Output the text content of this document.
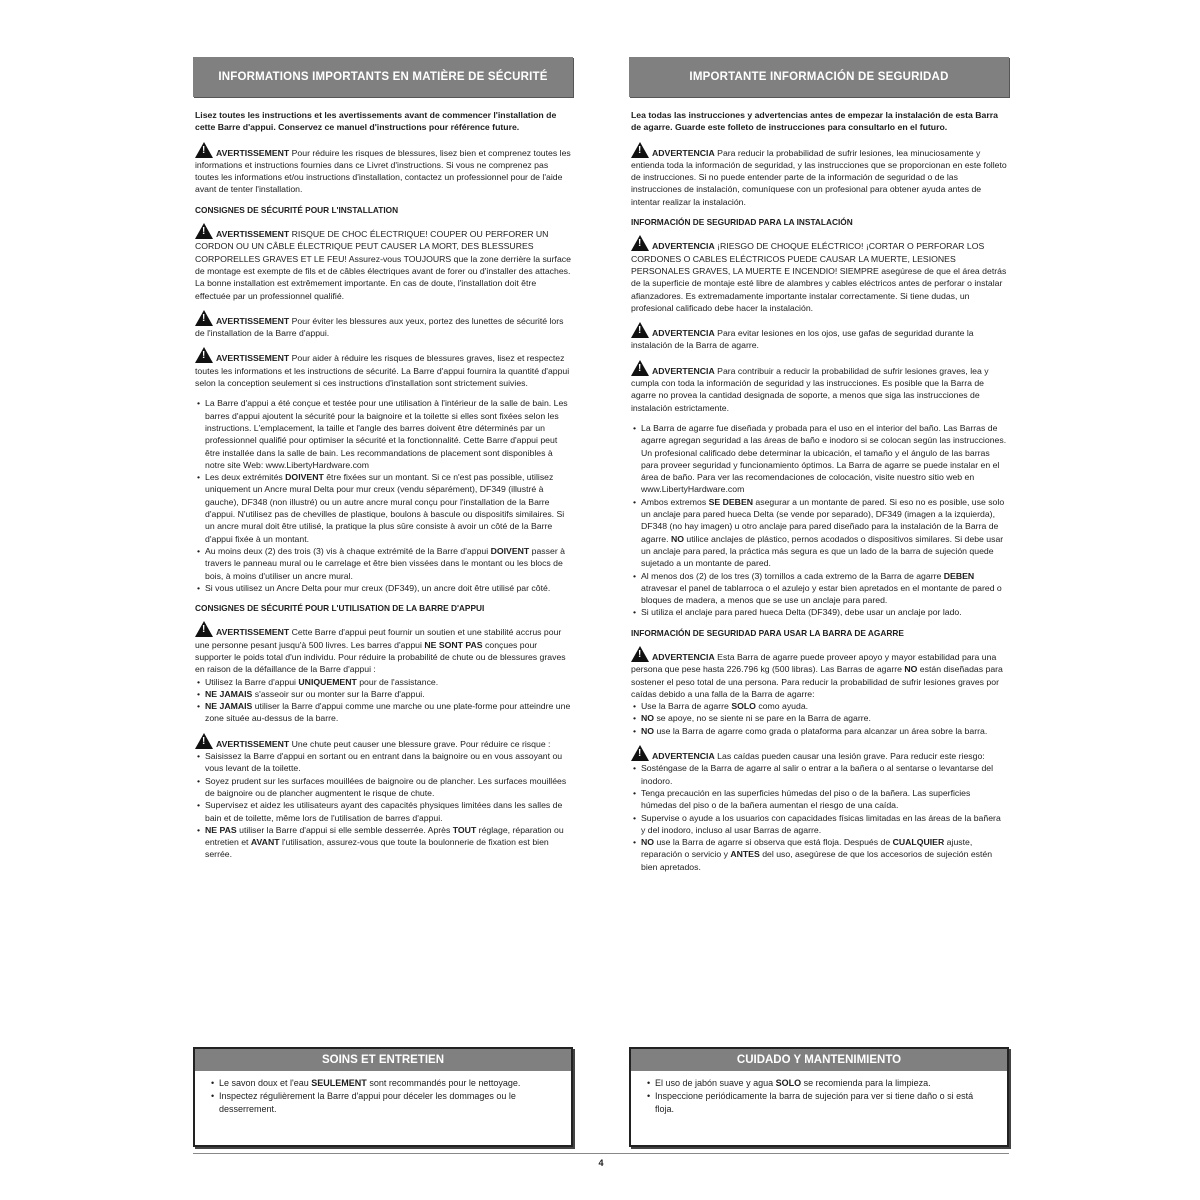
INFORMATIONS IMPORTANTS EN MATIÈRE DE SÉCURITÉ
Lisez toutes les instructions et les avertissements avant de commencer l'installation de cette Barre d'appui. Conservez ce manuel d'instructions pour référence future.
!AVERTISSEMENT Pour réduire les risques de blessures, lisez bien et comprenez toutes les informations et instructions fournies dans ce Livret d'instructions. Si vous ne comprenez pas toutes les informations et/ou instructions d'installation, contactez un professionnel pour de l'aide avant de tenter l'installation.
CONSIGNES DE SÉCURITÉ POUR L'INSTALLATION
!AVERTISSEMENT RISQUE DE CHOC ÉLECTRIQUE! COUPER OU PERFORER UN CORDON OU UN CÂBLE ÉLECTRIQUE PEUT CAUSER LA MORT, DES BLESSURES CORPORELLES GRAVES ET LE FEU! Assurez-vous TOUJOURS que la zone derrière la surface de montage est exempte de fils et de câbles électriques avant de forer ou d'installer des attaches. La bonne installation est extrêmement importante. En cas de doute, l'installation doit être effectuée par un professionnel qualifié.
!AVERTISSEMENT Pour éviter les blessures aux yeux, portez des lunettes de sécurité lors de l'installation de la Barre d'appui.
!AVERTISSEMENT Pour aider à réduire les risques de blessures graves, lisez et respectez toutes les informations et les instructions de sécurité. La Barre d'appui fournira la quantité d'appui selon la conception seulement si ces instructions d'installation sont strictement suivies.
• La Barre d'appui a été conçue et testée pour une utilisation à l'intérieur de la salle de bain. Les barres d'appui ajoutent la sécurité pour la baignoire et la toilette si elles sont fixées selon les instructions. L'emplacement, la taille et l'angle des barres doivent être déterminés par un professionnel qualifié pour optimiser la sécurité et la fonctionnalité. Cette Barre d'appui peut être installée dans la salle de bain. Les recommandations de placement sont disponibles à notre site Web: www.LibertyHardware.com
• Les deux extrémités DOIVENT être fixées sur un montant. Si ce n'est pas possible, utilisez uniquement un Ancre mural Delta pour mur creux (vendu séparément), DF349 (illustré à gauche), DF348 (non illustré) ou un autre ancre mural conçu pour l'installation de la Barre d'appui. N'utilisez pas de chevilles de plastique, boulons à bascule ou dispositifs similaires. Si un ancre mural doit être utilisé, la pratique la plus sûre consiste à avoir un côté de la Barre d'appui fixée à un montant.
• Au moins deux (2) des trois (3) vis à chaque extrémité de la Barre d'appui DOIVENT passer à travers le panneau mural ou le carrelage et être bien vissées dans le montant ou les blocs de bois, à moins d'utiliser un ancre mural.
• Si vous utilisez un Ancre Delta pour mur creux (DF349), un ancre doit être utilisé par côté.
CONSIGNES DE SÉCURITÉ POUR L'UTILISATION DE LA BARRE D'APPUI
!AVERTISSEMENT Cette Barre d'appui peut fournir un soutien et une stabilité accrus pour une personne pesant jusqu'à 500 livres. Les barres d'appui NE SONT PAS conçues pour supporter le poids total d'un individu. Pour réduire la probabilité de chute ou de blessures graves en raison de la défaillance de la Barre d'appui :
• Utilisez la Barre d'appui UNIQUEMENT pour de l'assistance.
• NE JAMAIS s'asseoir sur ou monter sur la Barre d'appui.
• NE JAMAIS utiliser la Barre d'appui comme une marche ou une plate-forme pour atteindre une zone située au-dessus de la barre.
!AVERTISSEMENT Une chute peut causer une blessure grave. Pour réduire ce risque :
• Saisissez la Barre d'appui en sortant ou en entrant dans la baignoire ou en vous assoyant ou vous levant de la toilette.
• Soyez prudent sur les surfaces mouillées de baignoire ou de plancher. Les surfaces mouillées de baignoire ou de plancher augmentent le risque de chute.
• Supervisez et aidez les utilisateurs ayant des capacités physiques limitées dans les salles de bain et de toilette, même lors de l'utilisation de barres d'appui.
• NE PAS utiliser la Barre d'appui si elle semble desserrée. Après TOUT réglage, réparation ou entretien et AVANT l'utilisation, assurez-vous que toute la boulonnerie de fixation est bien serrée.
IMPORTANTE INFORMACIÓN DE SEGURIDAD
Lea todas las instrucciones y advertencias antes de empezar la instalación de esta Barra de agarre. Guarde este folleto de instrucciones para consultarlo en el futuro.
!ADVERTENCIA Para reducir la probabilidad de sufrir lesiones, lea minuciosamente y entienda toda la información de seguridad, y las instrucciones que se proporcionan en este folleto de instrucciones. Si no puede entender parte de la información de seguridad o de las instrucciones de instalación, comuníquese con un profesional para obtener ayuda antes de intentar realizar la instalación.
INFORMACIÓN DE SEGURIDAD PARA LA INSTALACIÓN
!ADVERTENCIA ¡RIESGO DE CHOQUE ELÉCTRICO! ¡CORTAR O PERFORAR LOS CORDONES O CABLES ELÉCTRICOS PUEDE CAUSAR LA MUERTE, LESIONES PERSONALES GRAVES, LA MUERTE E INCENDIO! SIEMPRE asegúrese de que el área detrás de la superficie de montaje esté libre de alambres y cables eléctricos antes de perforar o instalar afianzadores. Es extremadamente importante instalar correctamente. Si tiene dudas, un profesional calificado debe hacer la instalación.
!ADVERTENCIA Para evitar lesiones en los ojos, use gafas de seguridad durante la instalación de la Barra de agarre.
!ADVERTENCIA Para contribuir a reducir la probabilidad de sufrir lesiones graves, lea y cumpla con toda la información de seguridad y las instrucciones. Es posible que la Barra de agarre no provea la cantidad designada de soporte, a menos que siga las instrucciones de instalación estrictamente.
• La Barra de agarre fue diseñada y probada para el uso en el interior del baño. Las Barras de agarre agregan seguridad a las áreas de baño e inodoro si se colocan según las instrucciones. Un profesional calificado debe determinar la ubicación, el tamaño y el ángulo de las barras para proveer seguridad y funcionamiento óptimos. La Barra de agarre se puede instalar en el área de baño. Para ver las recomendaciones de colocación, visite nuestro sitio web en www.LibertyHardware.com
• Ambos extremos SE DEBEN asegurar a un montante de pared. Si eso no es posible, use solo un anclaje para pared hueca Delta (se vende por separado), DF349 (imagen a la izquierda), DF348 (no hay imagen) u otro anclaje para pared diseñado para la instalación de la Barra de agarre. NO utilice anclajes de plástico, pernos acodados o dispositivos similares. Si debe usar un anclaje para pared, la práctica más segura es que un lado de la barra de sujeción quede sujetado a un montante de pared.
• Al menos dos (2) de los tres (3) tornillos a cada extremo de la Barra de agarre DEBEN atravesar el panel de tablarroca o el azulejo y estar bien apretados en el montante de pared o bloques de madera, a menos que se use un anclaje para pared.
• Si utiliza el anclaje para pared hueca Delta (DF349), debe usar un anclaje por lado.
INFORMACIÓN DE SEGURIDAD PARA USAR LA BARRA DE AGARRE
!ADVERTENCIA Esta Barra de agarre puede proveer apoyo y mayor estabilidad para una persona que pese hasta 226.796 kg (500 libras). Las Barras de agarre NO están diseñadas para sostener el peso total de una persona. Para reducir la probabilidad de sufrir lesiones graves por caídas debido a una falla de la Barra de agarre:
• Use la Barra de agarre SOLO como ayuda.
• NO se apoye, no se siente ni se pare en la Barra de agarre.
• NO use la Barra de agarre como grada o plataforma para alcanzar un área sobre la barra.
!ADVERTENCIA Las caídas pueden causar una lesión grave. Para reducir este riesgo:
• Sosténgase de la Barra de agarre al salir o entrar a la bañera o al sentarse o levantarse del inodoro.
• Tenga precaución en las superficies húmedas del piso o de la bañera. Las superficies húmedas del piso o de la bañera aumentan el riesgo de una caída.
• Supervise o ayude a los usuarios con capacidades físicas limitadas en las áreas de la bañera y del inodoro, incluso al usar Barras de agarre.
• NO use la Barra de agarre si observa que está floja. Después de CUALQUIER ajuste, reparación o servicio y ANTES del uso, asegúrese de que los accesorios de sujeción estén bien apretados.
SOINS ET ENTRETIEN
• Le savon doux et l'eau SEULEMENT sont recommandés pour le nettoyage.
• Inspectez régulièrement la Barre d'appui pour déceler les dommages ou le desserrement.
CUIDADO Y MANTENIMIENTO
• El uso de jabón suave y agua SOLO se recomienda para la limpieza.
• Inspeccione periódicamente la barra de sujeción para ver si tiene daño o si está floja.
4
